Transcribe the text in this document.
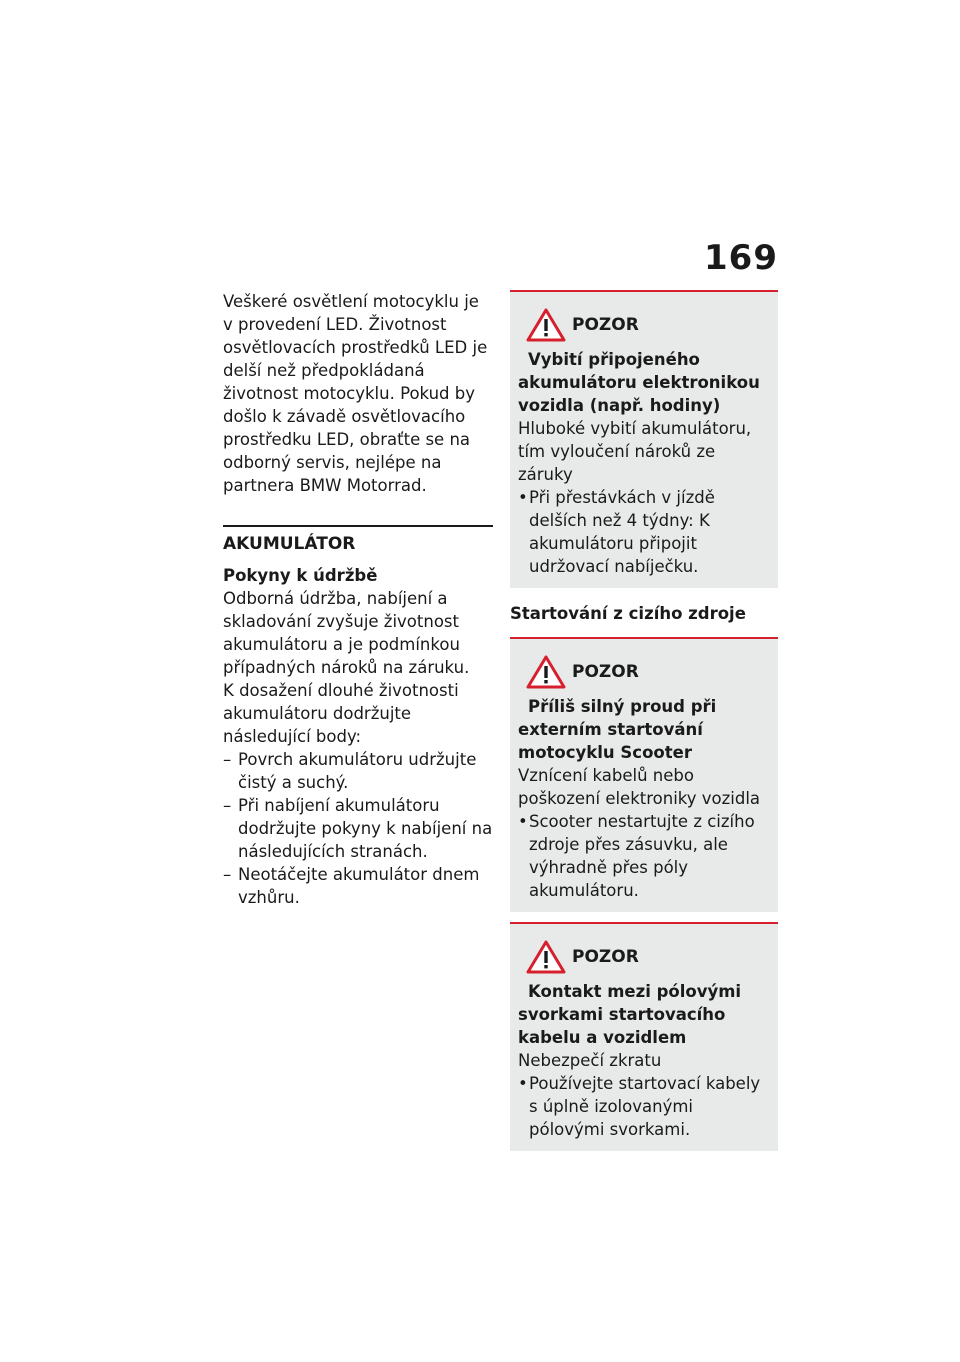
169

Veškeré osvětlení motocyklu je v provedení LED. Životnost osvětlovacích prostředků LED je delší než předpokládaná životnost motocyklu. Pokud by došlo k závadě osvětlovacího prostředku LED, obraťte se na odborný servis, nejlépe na partnera BMW Motorrad.

AKUMULÁTOR
Pokyny k údržbě

Odborná údržba, nabíjení a skladování zvyšuje životnost akumulátoru a je podmínkou případných nároků na záruku.

K dosažení dlouhé životnosti akumulátoru dodržujte následující body:

– Povrch akumulátoru udržujte čistý a suchý.
– Při nabíjení akumulátoru dodržujte pokyny k nabíjení na následujících stranách.
– Neotáčejte akumulátor dnem vzhůru.
POZOR

Vybití připojeného akumulátoru elektronikou vozidla (např. hodiny)

Hluboké vybití akumulátoru, tím vyloučení nároků ze záruky

• Při přestávkách v jízdě delších než 4 týdny: K akumulátoru připojit udržovací nabíječku.
Startování z cizího zdroje
POZOR

Příliš silný proud při externím startování motocyklu Scooter

Vznícení kabelů nebo poškození elektroniky vozidla

• Scooter nestartujte z cizího zdroje přes zásuvku, ale výhradně přes póly akumulátoru.
POZOR

Kontakt mezi pólovými svorkami startovacího kabelu a vozidlem

Nebezpečí zkratu

• Používejte startovací kabely s úplně izolovanými pólovými svorkami.
